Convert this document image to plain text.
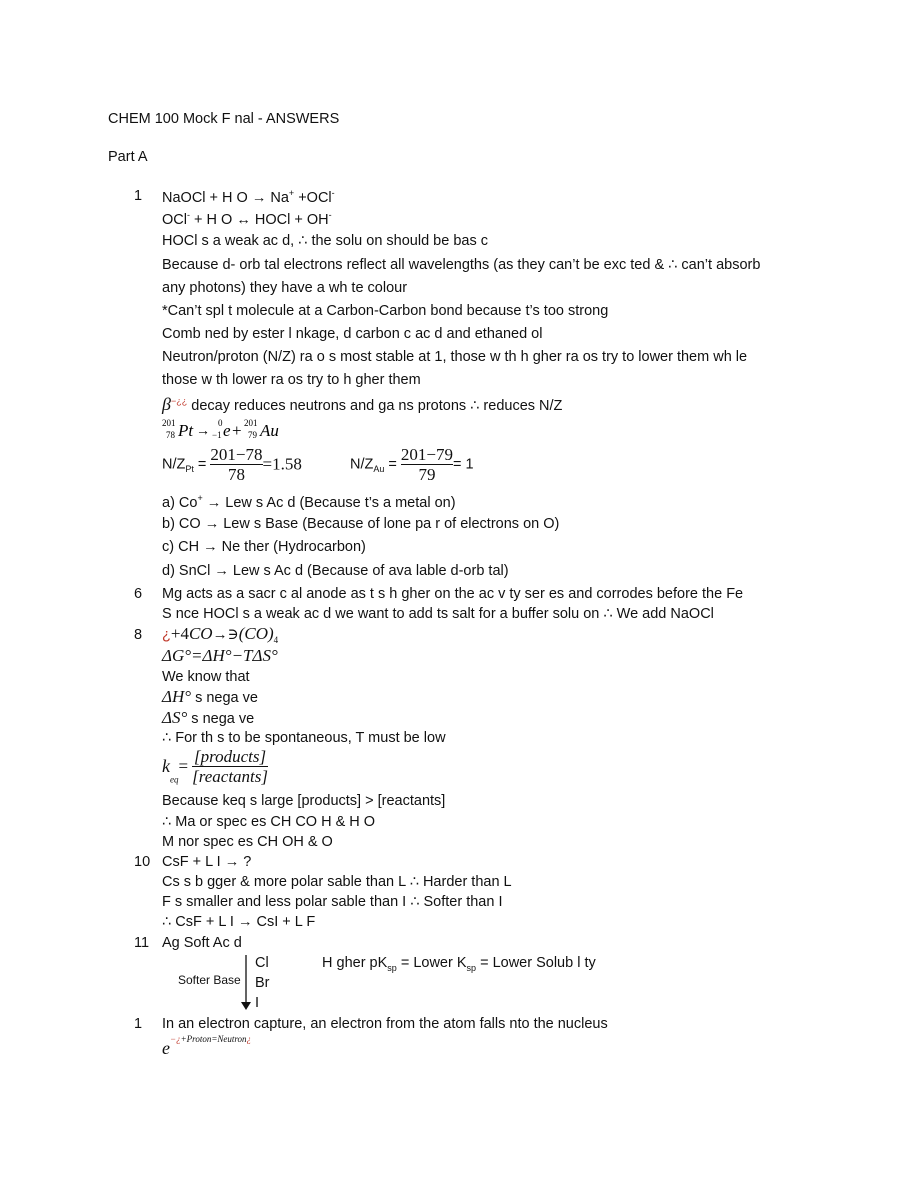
CHEM 100 Mock F nal - ANSWERS
Part A
1 NaOCl + H O → Na+ +OCl-
OCl- + H O ↔ HOCl + OH-
HOCl s a weak ac d, ∴ the solu on should be bas c
Because d- orb tal electrons reflect all wavelengths (as they can’t be exc ted & ∴ can’t absorb
any photons) they have a wh te colour
*Can’t spl t molecule at a Carbon-Carbon bond because t’s too strong
Comb ned by ester l nkage, d carbon c ac d and ethaned ol
Neutron/proton (N/Z) ra o s most stable at 1, those w th h gher ra os try to lower them wh le
those w th lower ra os try to h gher them
β−¿¿ decay reduces neutrons and ga ns protons ∴ reduces N/Z
201
78 Pt →
0
−1 e + 201
79 Au
$N/Z_{Pt} = \frac{201-78}{78} =1.58$	$N/Z_{Au} = \frac{201-79}{79} = 1$
a) Co+ → Lew s Ac d (Because t’s a metal on)
b) CO → Lew s Base (Because of lone pa r of electrons on O)
c) CH → Ne ther (Hydrocarbon)
d) SnCl → Lew s Ac d (Because of ava lable d-orb tal)
6 Mg acts as a sacr c al anode as t s h gher on the ac v ty ser es and corrodes before the Fe
S nce HOCl s a weak ac d we want to add ts salt for a buffer solu on ∴ We add NaOCl
8 ¿$+4CO\to∋(CO)_4$
ΔG°=ΔH°−TΔS°
We know that
ΔH° s nega ve
ΔS° s nega ve
∴ For th s to be spontaneous, T must be low
$k_{eq}= \frac{\text{[products]}}{\text{[reactants]}}$
Because keq s large [products] > [reactants]
∴ Ma or spec es CH CO H & H O
M nor spec es CH OH & O
10 CsF + L I → ?
Cs s b gger & more polar sable than L ∴ Harder than L
F s smaller and less polar sable than I ∴ Softer than I
∴ CsF + L I → CsI + L F
11 Ag Soft Ac d
Softer Base
Cl
Br
I
H gher $pK_{sp}$ = Lower $K_{sp}$ = Lower Solub l ty
1 In an electron capture, an electron from the atom falls nto the nucleus
$e^{-¿+Proton=Neutron¿}$
